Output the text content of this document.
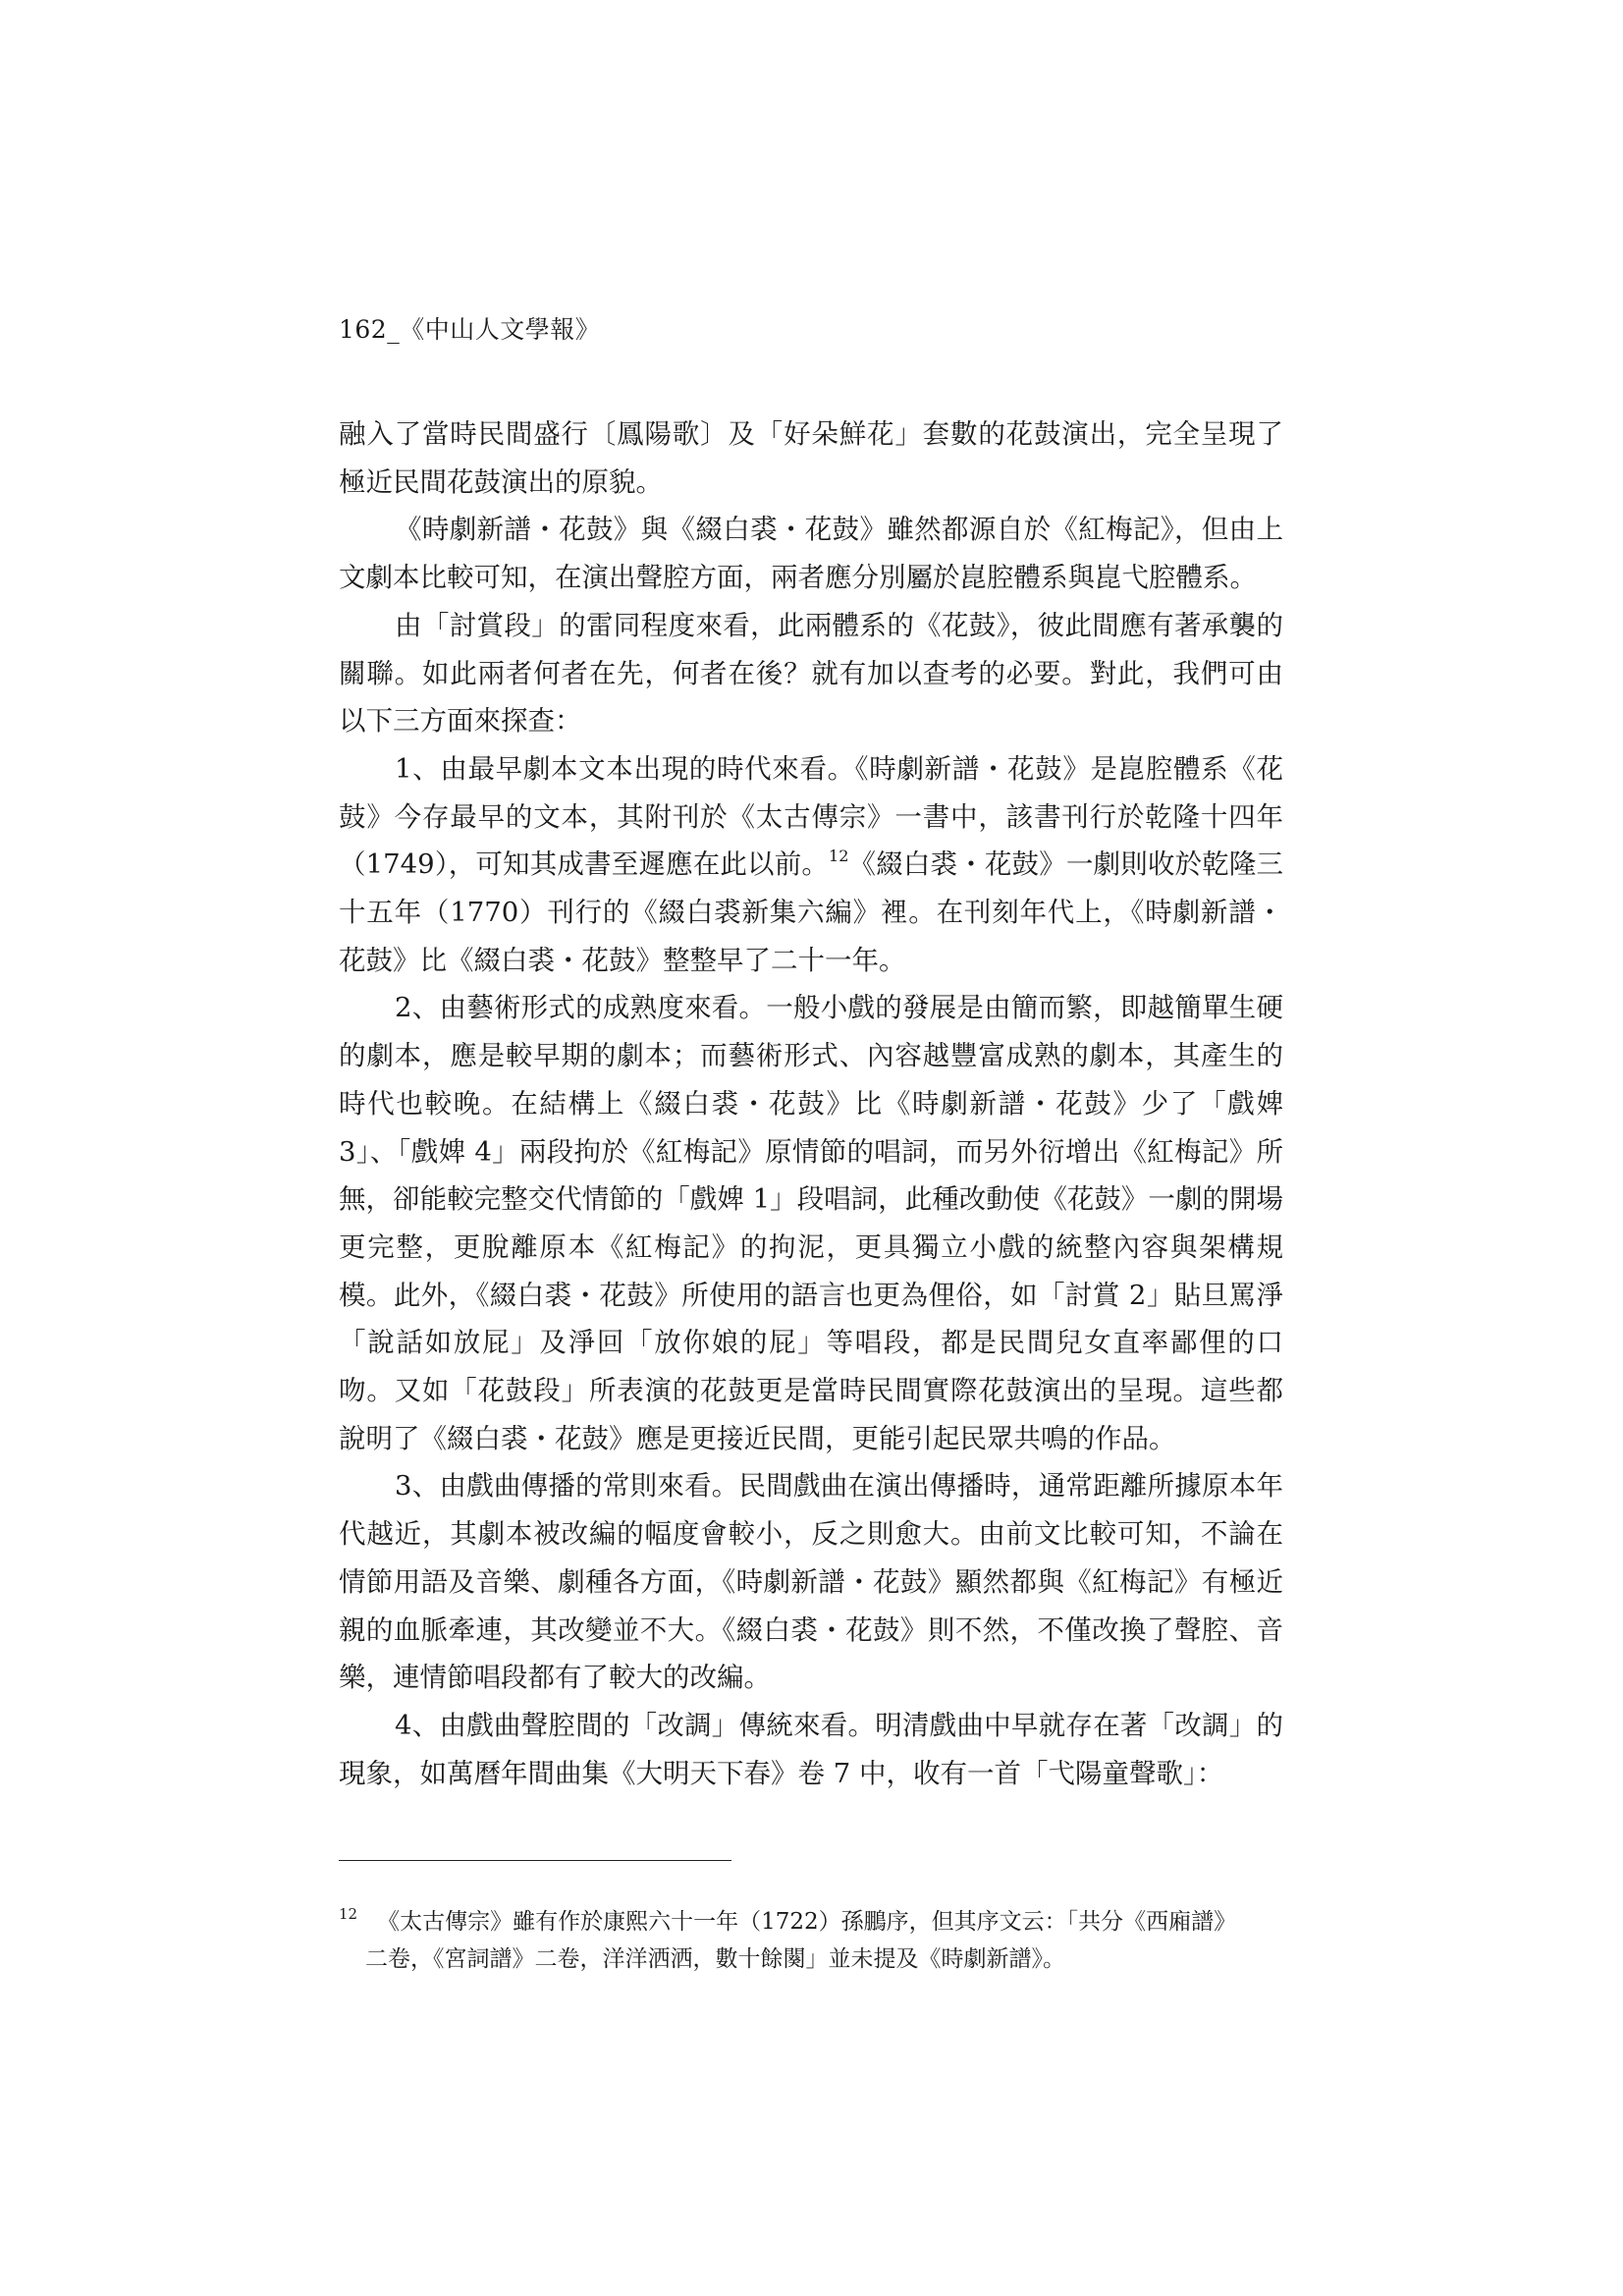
162_《中山人文學報》

融入了當時民間盛行〔鳳陽歌〕及「好朵鮮花」套數的花鼓演出，完全呈現了極近民間花鼓演出的原貌。

《時劇新譜・花鼓》與《綴白裘・花鼓》雖然都源自於《紅梅記》，但由上文劇本比較可知，在演出聲腔方面，兩者應分別屬於崑腔體系與崑弋腔體系。

由「討賞段」的雷同程度來看，此兩體系的《花鼓》，彼此間應有著承襲的關聯。如此兩者何者在先，何者在後？就有加以查考的必要。對此，我們可由以下三方面來探查：

1、由最早劇本文本出現的時代來看。《時劇新譜・花鼓》是崑腔體系《花鼓》今存最早的文本，其附刊於《太古傳宗》一書中，該書刊行於乾隆十四年（1749），可知其成書至遲應在此以前。$^{12}$《綴白裘・花鼓》一劇則收於乾隆三十五年（1770）刊行的《綴白裘新集六編》裡。在刊刻年代上，《時劇新譜・花鼓》比《綴白裘・花鼓》整整早了二十一年。

2、由藝術形式的成熟度來看。一般小戲的發展是由簡而繁，即越簡單生硬的劇本，應是較早期的劇本；而藝術形式、內容越豐富成熟的劇本，其產生的時代也較晚。在結構上《綴白裘・花鼓》比《時劇新譜・花鼓》少了「戲婢 3」、「戲婢 4」兩段拘於《紅梅記》原情節的唱詞，而另外衍增出《紅梅記》所無，卻能較完整交代情節的「戲婢 1」段唱詞，此種改動使《花鼓》一劇的開場更完整，更脫離原本《紅梅記》的拘泥，更具獨立小戲的統整內容與架構規模。此外，《綴白裘・花鼓》所使用的語言也更為俚俗，如「討賞 2」貼旦罵淨「說話如放屁」及淨回「放你娘的屁」等唱段，都是民間兒女直率鄙俚的口吻。又如「花鼓段」所表演的花鼓更是當時民間實際花鼓演出的呈現。這些都說明了《綴白裘・花鼓》應是更接近民間，更能引起民眾共鳴的作品。

3、由戲曲傳播的常則來看。民間戲曲在演出傳播時，通常距離所據原本年代越近，其劇本被改編的幅度會較小，反之則愈大。由前文比較可知，不論在情節用語及音樂、劇種各方面，《時劇新譜・花鼓》顯然都與《紅梅記》有極近親的血脈牽連，其改變並不大。《綴白裘・花鼓》則不然，不僅改換了聲腔、音樂，連情節唱段都有了較大的改編。

4、由戲曲聲腔間的「改調」傳統來看。明清戲曲中早就存在著「改調」的現象，如萬曆年間曲集《大明天下春》卷 7 中，收有一首「弋陽童聲歌」：

$^{12}$ 《太古傳宗》雖有作於康熙六十一年（1722）孫鵬序，但其序文云：「共分《西廂譜》
二卷，《宮詞譜》二卷，洋洋洒洒，數十餘闋」並未提及《時劇新譜》。
